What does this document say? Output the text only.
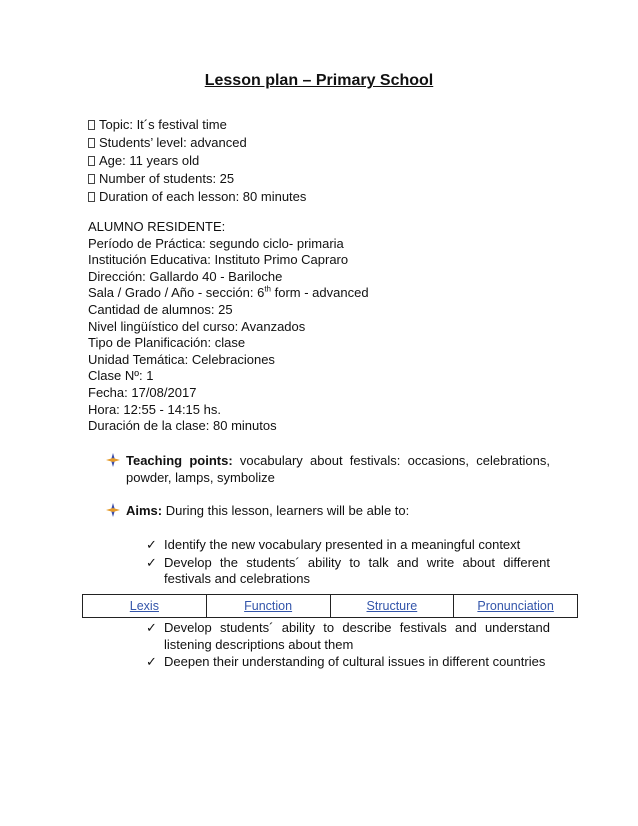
Lesson plan – Primary School
Topic: It´s festival time
Students’ level: advanced
Age: 11 years old
Number of students: 25
Duration of each lesson: 80 minutes
ALUMNO RESIDENTE:
Período de Práctica: segundo ciclo- primaria
Institución Educativa: Instituto Primo Capraro
Dirección: Gallardo 40 - Bariloche
Sala / Grado / Año - sección: 6th form - advanced
Cantidad de alumnos: 25
Nivel lingüístico del curso: Avanzados
Tipo de Planificación: clase
Unidad Temática: Celebraciones
Clase Nº: 1
Fecha: 17/08/2017
Hora: 12:55 - 14:15 hs.
Duración de la clase: 80 minutos
Teaching points: vocabulary about festivals: occasions, celebrations, powder, lamps, symbolize
Aims: During this lesson, learners will be able to:
✓ Identify the new vocabulary presented in a meaningful context
✓ Develop the students´ ability to talk and write about different festivals and celebrations
Lexis	Function	Structure	Pronunciation
✓ Develop students´ ability to describe festivals and understand listening descriptions about them
✓ Deepen their understanding of cultural issues in different countries
